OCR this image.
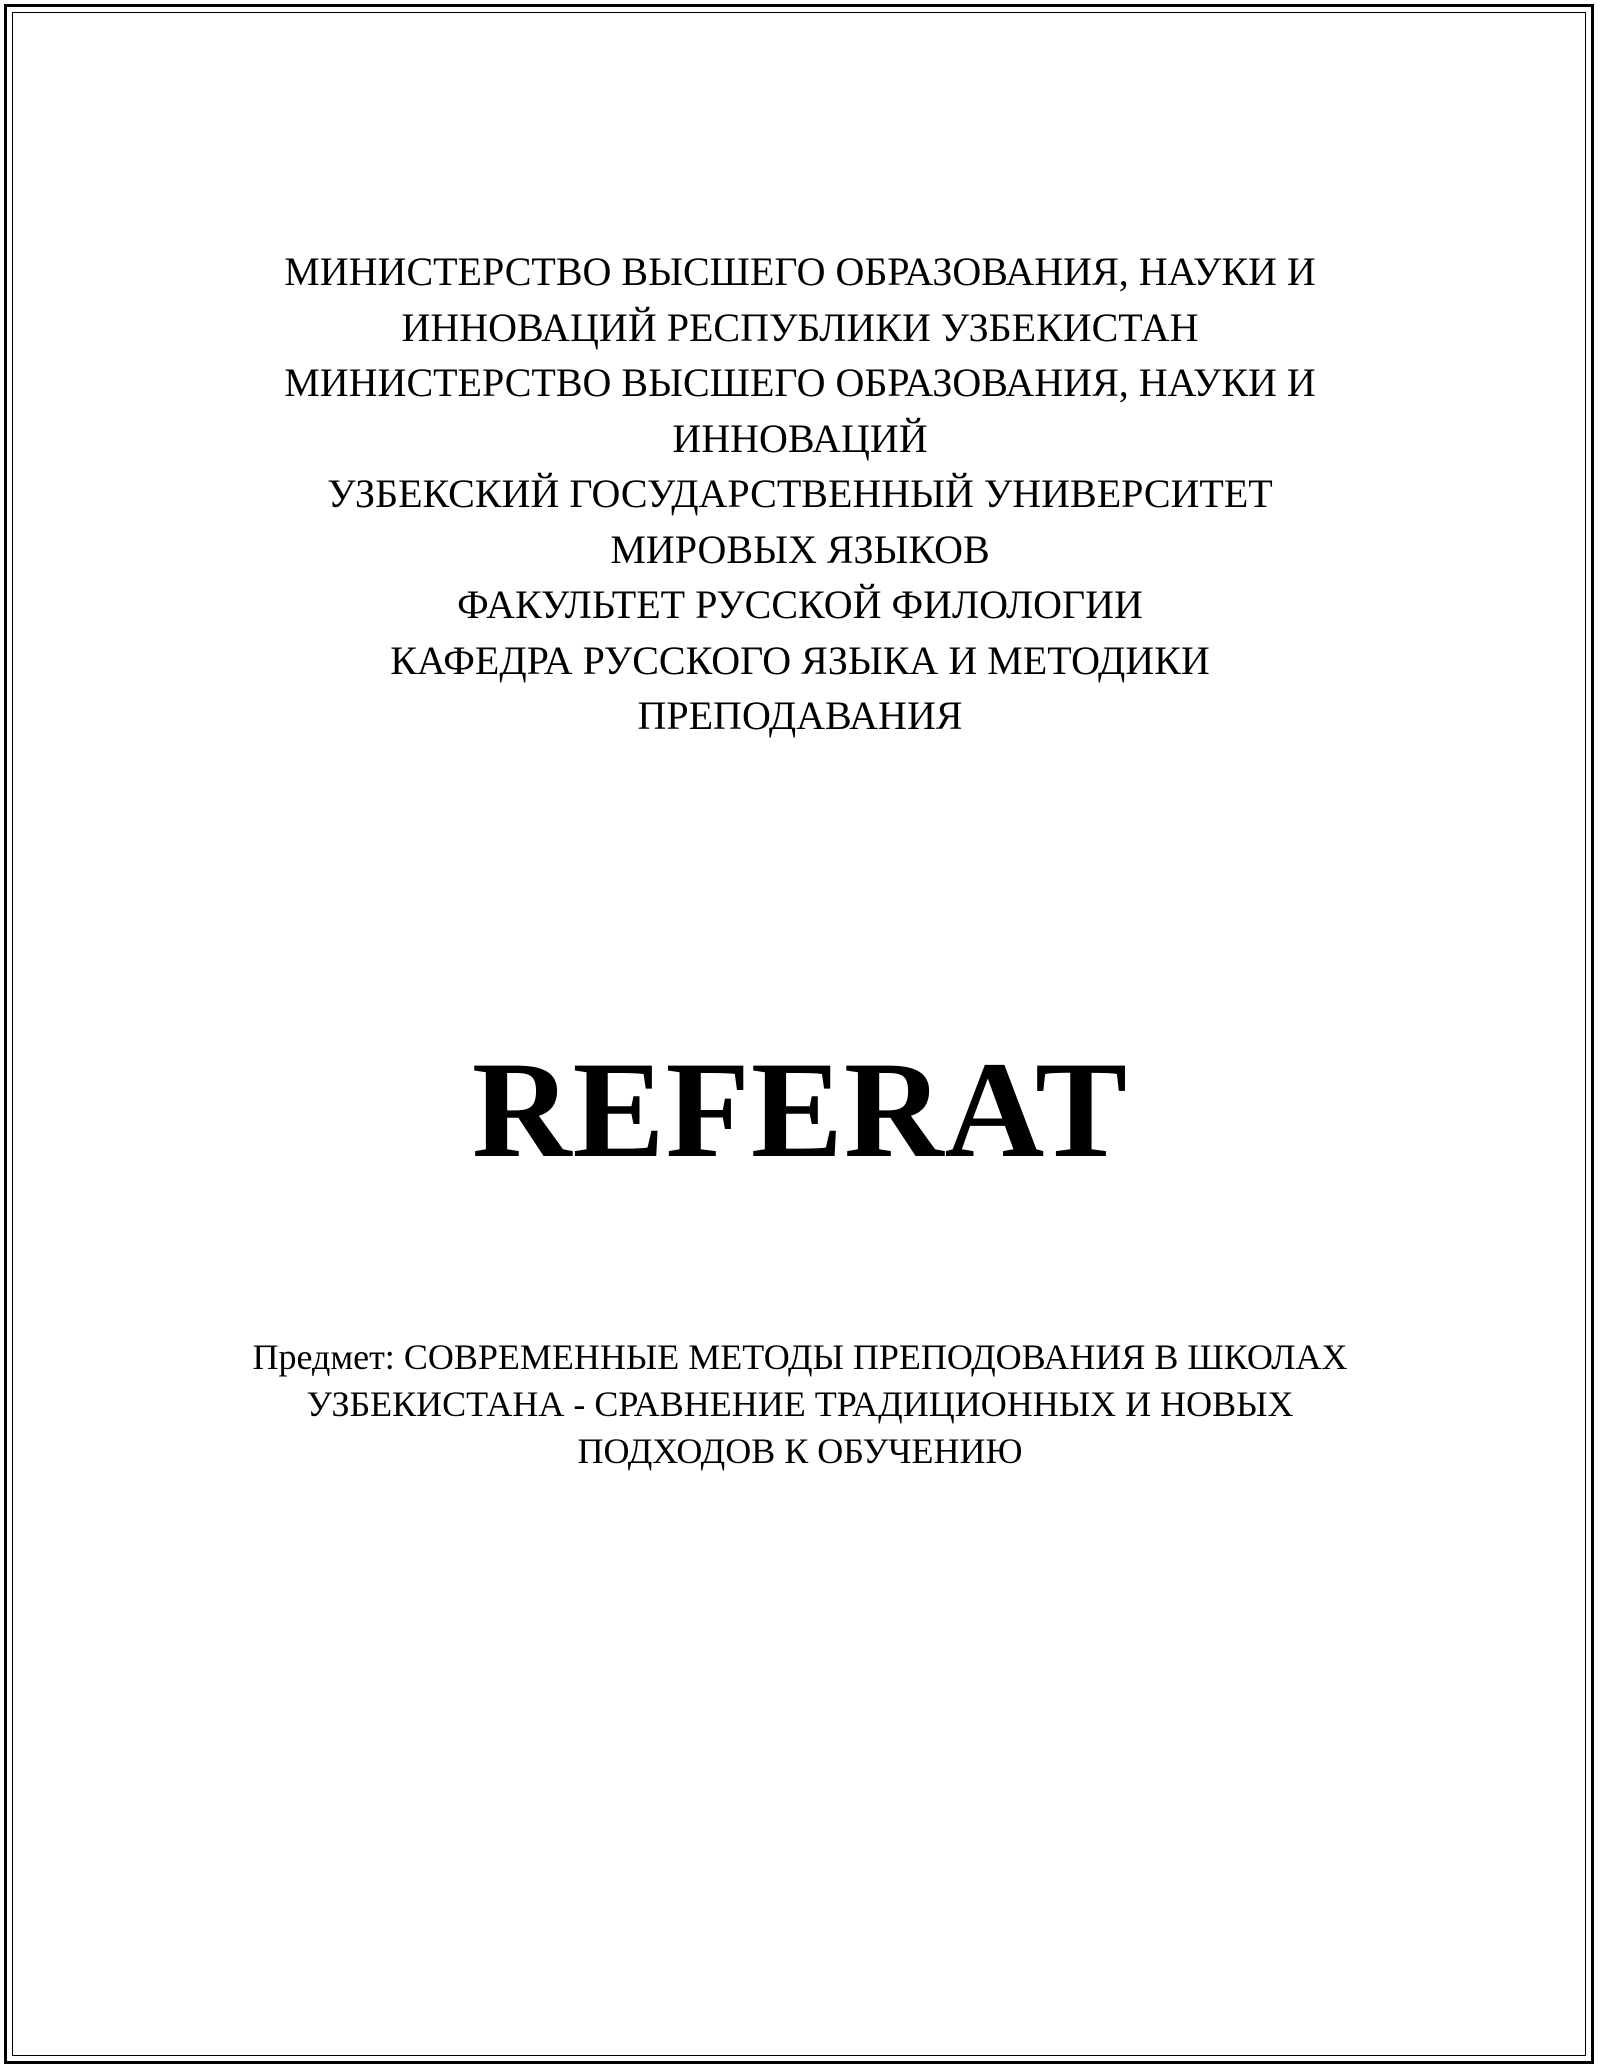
МИНИСТЕРСТВО ВЫСШЕГО ОБРАЗОВАНИЯ, НАУКИ И
ИННОВАЦИЙ РЕСПУБЛИКИ УЗБЕКИСТАН
МИНИСТЕРСТВО ВЫСШЕГО ОБРАЗОВАНИЯ, НАУКИ И
ИННОВАЦИЙ
УЗБЕКСКИЙ ГОСУДАРСТВЕННЫЙ УНИВЕРСИТЕТ
МИРОВЫХ ЯЗЫКОВ
ФАКУЛЬТЕТ РУССКОЙ ФИЛОЛОГИИ
КАФЕДРА РУССКОГО ЯЗЫКА И МЕТОДИКИ
ПРЕПОДАВАНИЯ
REFERAT
Предмет: СОВРЕМЕННЫЕ МЕТОДЫ ПРЕПОДОВАНИЯ В ШКОЛАХ
УЗБЕКИСТАНА - СРАВНЕНИЕ ТРАДИЦИОННЫХ И НОВЫХ
ПОДХОДОВ К ОБУЧЕНИЮ
